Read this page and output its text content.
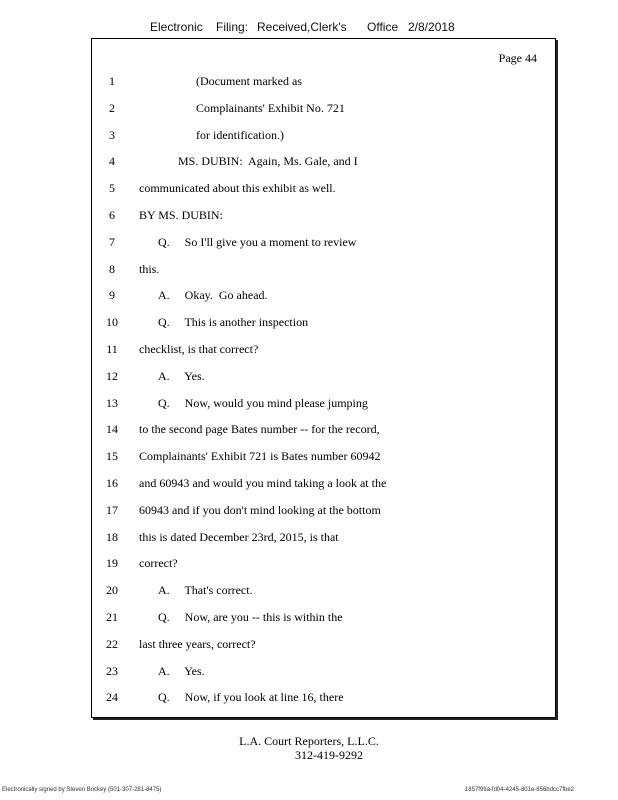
Electronic Filing: Received,Clerk's Office 2/8/2018
Page 44
1	(Document marked as
2	Complainants' Exhibit No. 721
3	for identification.)
4	MS. DUBIN:  Again, Ms. Gale, and I
5	communicated about this exhibit as well.
6	BY MS. DUBIN:
7	Q.     So I'll give you a moment to review
8	this.
9	A.     Okay.  Go ahead.
10	Q.     This is another inspection
11	checklist, is that correct?
12	A.     Yes.
13	Q.     Now, would you mind please jumping
14	to the second page Bates number -- for the record,
15	Complainants' Exhibit 721 is Bates number 60942
16	and 60943 and would you mind taking a look at the
17	60943 and if you don't mind looking at the bottom
18	this is dated December 23rd, 2015, is that
19	correct?
20	A.     That's correct.
21	Q.     Now, are you -- this is within the
22	last three years, correct?
23	A.     Yes.
24	Q.     Now, if you look at line 16, there
L.A. Court Reporters, L.L.C.
312-419-9292
Electronically signed by Steven Brickey (501-307-281-8475)	1857f99a-fd04-4245-801e-856bdcc7fbe2
